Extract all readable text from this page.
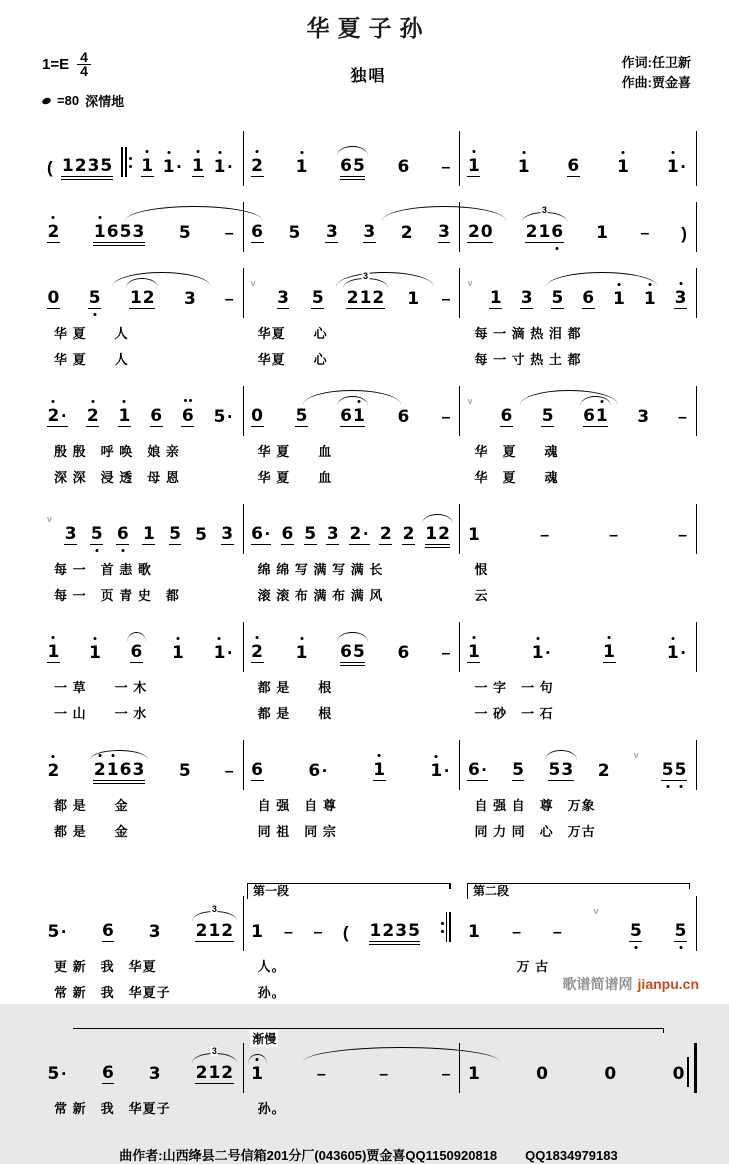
华夏子孙
$1=E \frac{4}{4}$	独唱
作词:任卫新
作曲:贾金喜
=80 深情地
( 1 2 3 5 1 1 · 1 1 · 2 1 6 5 6 – 1 1 6 1 1 ·
2 1 6 5 3 5 – 6 5 3 3 2 3 2 0 2 1 6
3 1 – )
0 5 1 2 3 –
v
3 5 2 1 2
3 1 –
v
1 3 5 6 1 1 3
华 夏　　人	华夏　　心	每 一 滴 热 泪 都
华 夏　　人	华夏　　心	每 一 寸 热 土 都
2 · 2 1 6 6 5 · 0 5 6 1 6 –
v
6 5 6 1 3 –
殷 殷　呼 唤　娘 亲	华 夏　　血	华　夏　　魂
深 深　浸 透　母 恩	华 夏　　血	华　夏　　魂
v
3 5 6 1 5 5 3 6 · 6 5 3 2 · 2 2 1 2 1	–	–	–
每 一　首 恚 歌	绵 绵 写 满 写 满 长	恨
每 一　页 青 史　都	滚 滚 布 满 布 满 风	云
1 1 6 1 1 · 2 1 6 5 6 – 1	1 ·	1	1 ·
一 草　　一 木	都 是　　根	一 字　一 句
一 山　　一 水	都 是　　根	一 砂　一 石
2 2 1 6 3 5 – 6	6 ·	1	1 · 6 · 5 5 3 2
v
5 5
都 是　　金	自 强　自 尊	自 强 自　尊　万象
都 是　　金	同 祖　同 宗	同 力 同　心　万古
第一段	第二段
5 · 6 3 2 1 2
3 1 – – ( 1 2 3 5	1 – –
v
5 5
更 新　我　华夏	人。	　　　万 古
常 新　我　华夏子	孙。
渐慢
5 · 6 3 2 1 2
3 1	–	–	– 1	0	0	0
常 新　我　华夏子	孙。
曲作者:山西绛县二号信箱201分厂(043605)贾金喜QQ1150920818 QQ1834979183
歌谱简谱网 jianpu.cn
